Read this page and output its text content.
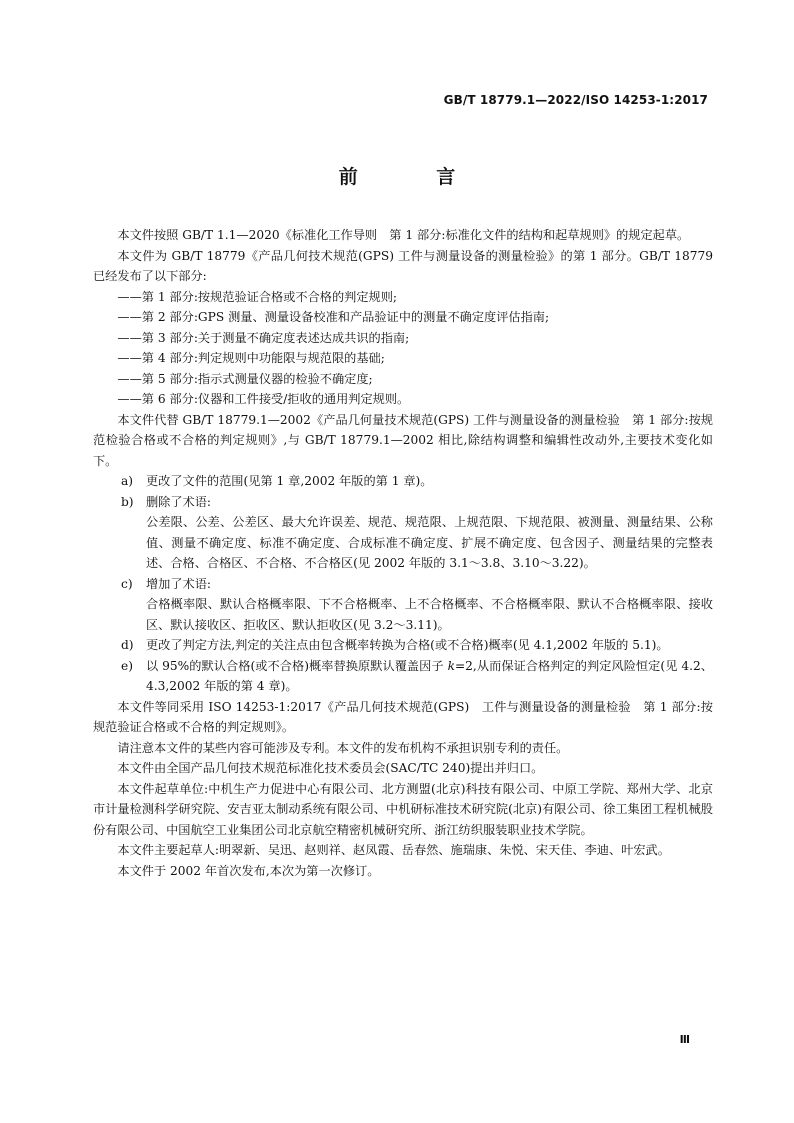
GB/T 18779.1—2022/ISO 14253-1:2017
前 言

本文件按照 GB/T 1.1—2020《标准化工作导则　第 1 部分:标准化文件的结构和起草规则》的规定起草。

本文件为 GB/T 18779《产品几何技术规范(GPS) 工件与测量设备的测量检验》的第 1 部分。GB/T 18779 已经发布了以下部分:

——第 1 部分:按规范验证合格或不合格的判定规则;

——第 2 部分:GPS 测量、测量设备校准和产品验证中的测量不确定度评估指南;

——第 3 部分:关于测量不确定度表述达成共识的指南;

——第 4 部分:判定规则中功能限与规范限的基础;

——第 5 部分:指示式测量仪器的检验不确定度;

——第 6 部分:仪器和工件接受/拒收的通用判定规则。

本文件代替 GB/T 18779.1—2002《产品几何量技术规范(GPS) 工件与测量设备的测量检验　第 1 部分:按规范检验合格或不合格的判定规则》,与 GB/T 18779.1—2002 相比,除结构调整和编辑性改动外,主要技术变化如下。

a) 更改了文件的范围(见第 1 章,2002 年版的第 1 章)。
b) 删除了术语:

公差限、公差、公差区、最大允许误差、规范、规范限、上规范限、下规范限、被测量、测量结果、公称值、测量不确定度、标准不确定度、合成标准不确定度、扩展不确定度、包含因子、测量结果的完整表述、合格、合格区、不合格、不合格区(见 2002 年版的 3.1～3.8、3.10～3.22)。

c) 增加了术语:

合格概率限、默认合格概率限、下不合格概率、上不合格概率、不合格概率限、默认不合格概率限、接收区、默认接收区、拒收区、默认拒收区(见 3.2～3.11)。

d) 更改了判定方法,判定的关注点由包含概率转换为合格(或不合格)概率(见 4.1,2002 年版的 5.1)。
e) 以 95%的默认合格(或不合格)概率替换原默认覆盖因子 k=2,从而保证合格判定的判定风险恒定(见 4.2、4.3,2002 年版的第 4 章)。

本文件等同采用 ISO 14253-1:2017《产品几何技术规范(GPS)　工件与测量设备的测量检验　第 1 部分:按规范验证合格或不合格的判定规则》。

请注意本文件的某些内容可能涉及专利。本文件的发布机构不承担识别专利的责任。

本文件由全国产品几何技术规范标准化技术委员会(SAC/TC 240)提出并归口。

本文件起草单位:中机生产力促进中心有限公司、北方测盟(北京)科技有限公司、中原工学院、郑州大学、北京市计量检测科学研究院、安吉亚太制动系统有限公司、中机研标准技术研究院(北京)有限公司、徐工集团工程机械股份有限公司、中国航空工业集团公司北京航空精密机械研究所、浙江纺织服装职业技术学院。

本文件主要起草人:明翠新、吴迅、赵则祥、赵凤霞、岳春然、施瑞康、朱悦、宋天佳、李迪、叶宏武。

本文件于 2002 年首次发布,本次为第一次修订。

Ⅲ
